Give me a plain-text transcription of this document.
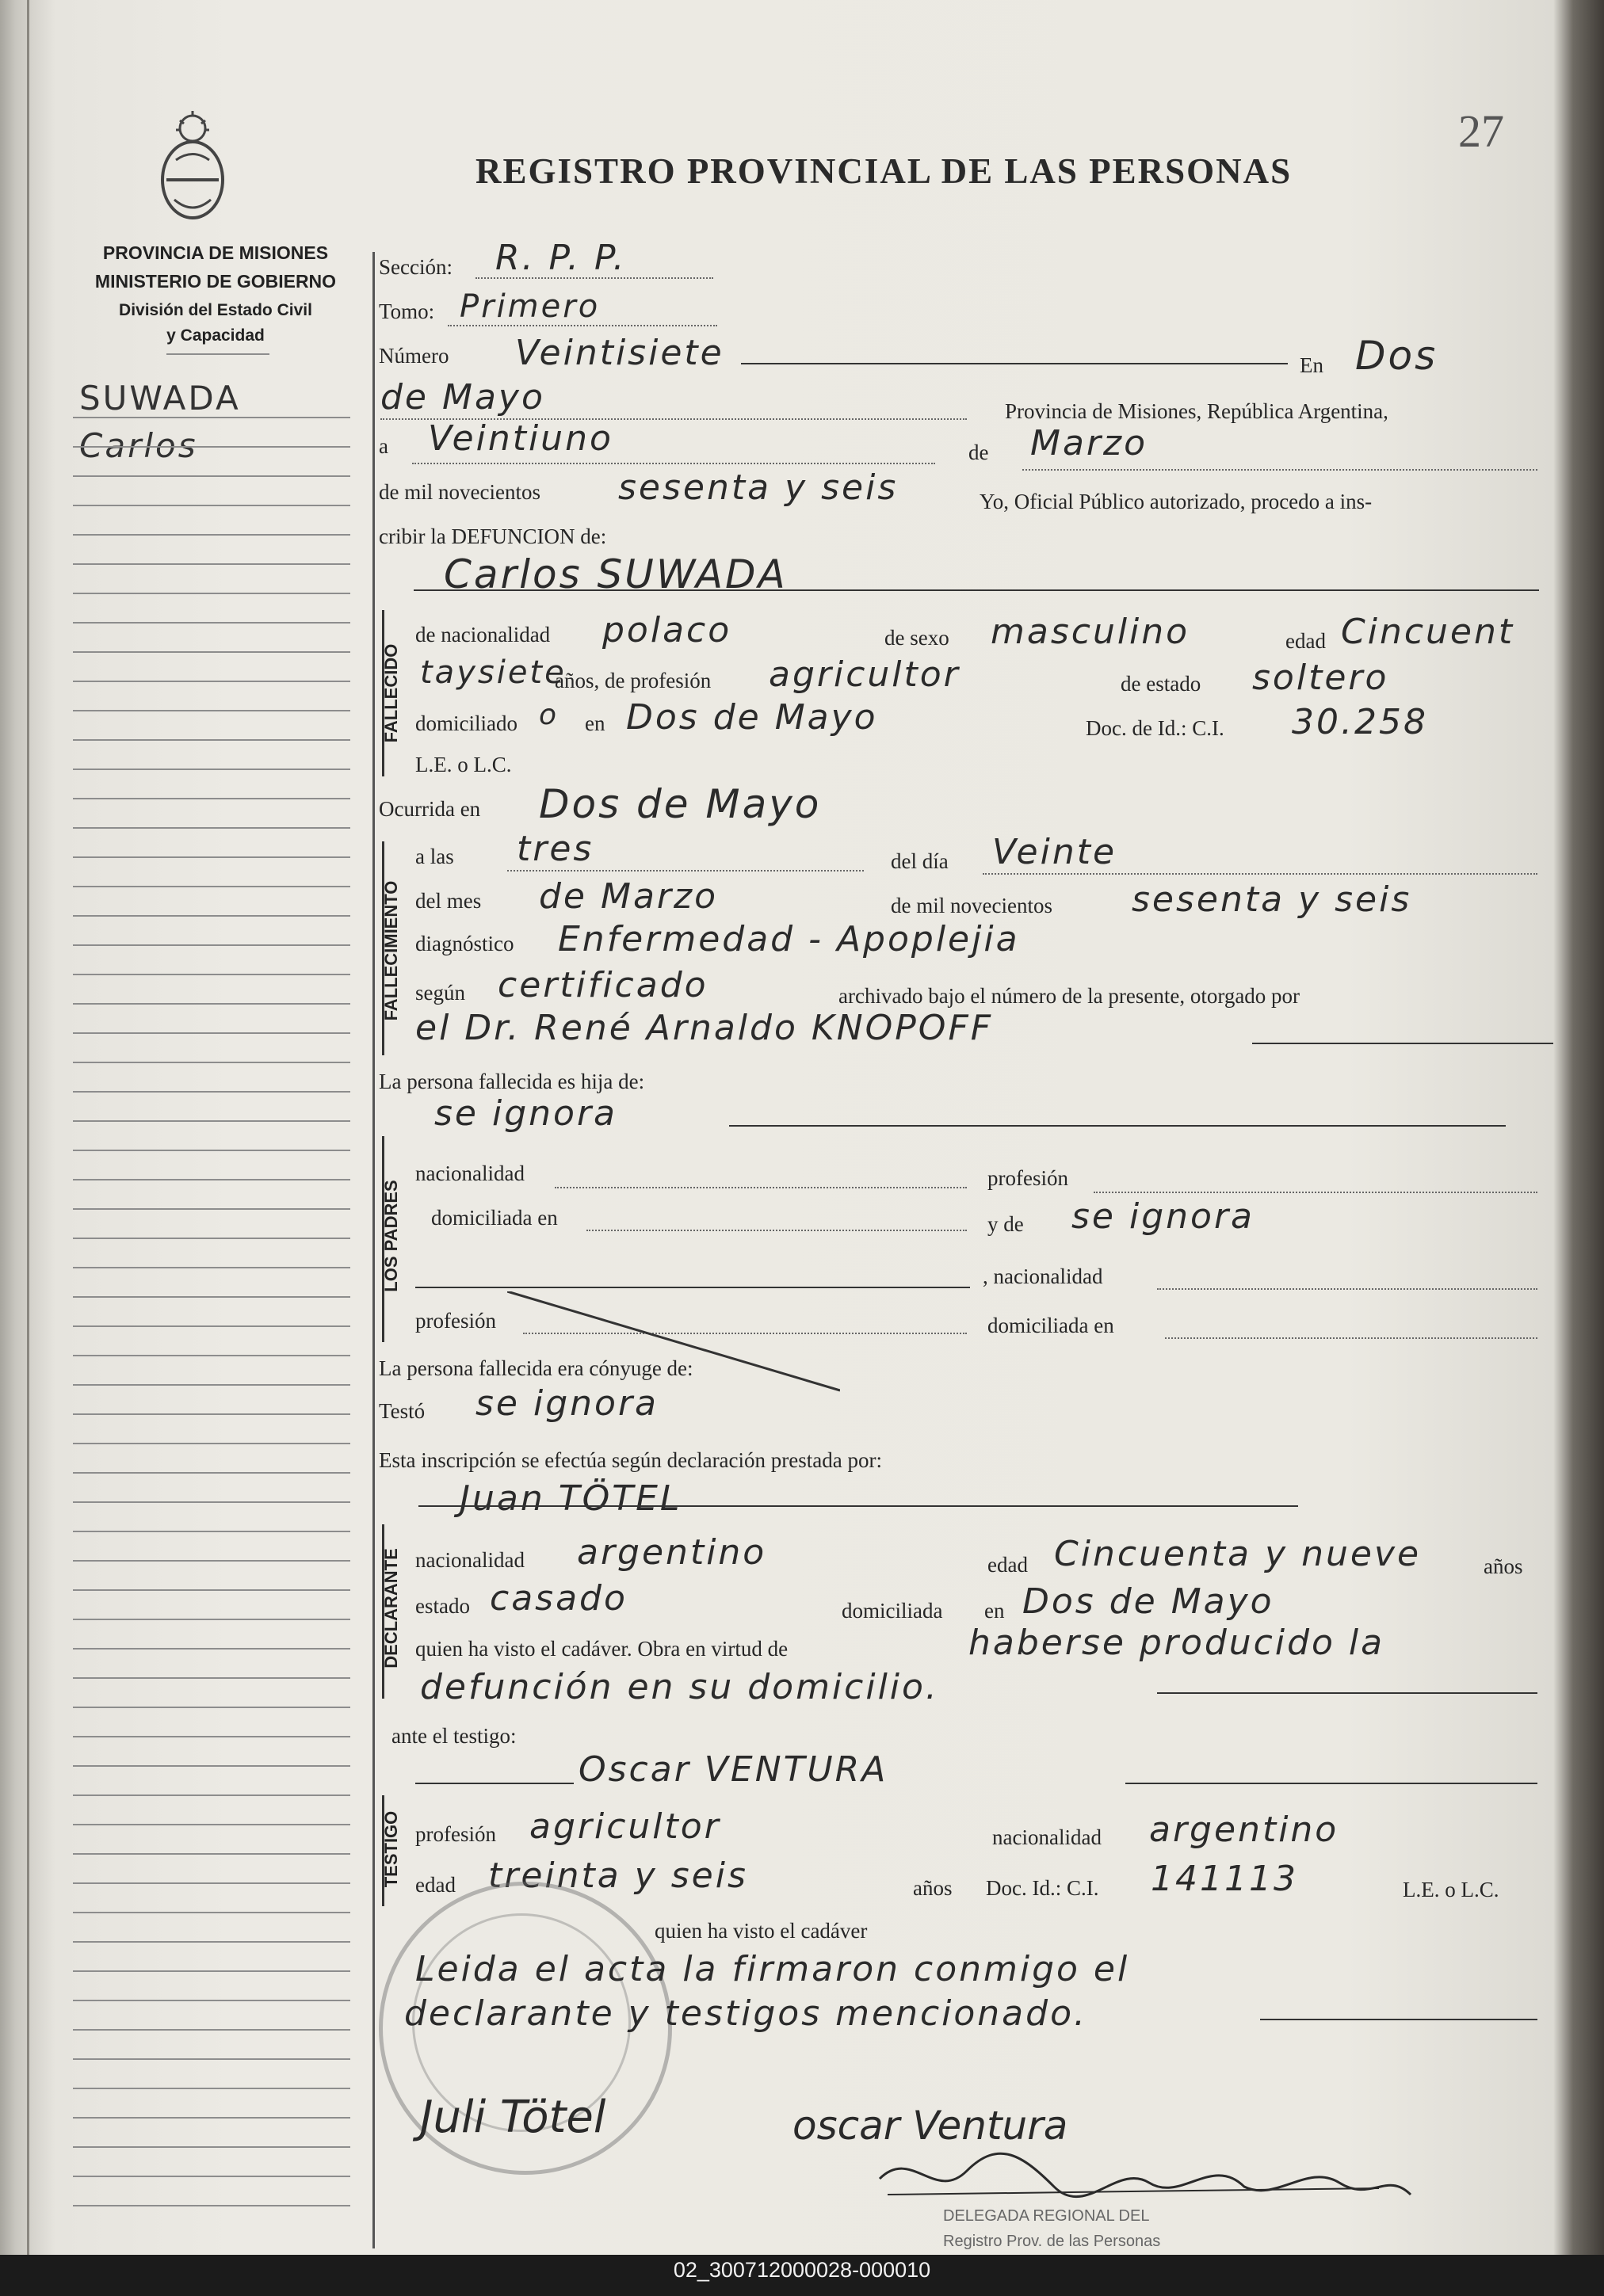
PROVINCIA DE MISIONES
MINISTERIO DE GOBIERNO
División del Estado Civil
y Capacidad
SUWADA
Carlos
27
REGISTRO PROVINCIAL DE LAS PERSONAS
Sección: R. P. P.
Tomo: Primero
Número Veintisiete	En Dos
de Mayo	Provincia de Misiones, República Argentina,
a Veintiuno	de Marzo
de mil novecientos sesenta y seis	Yo, Oficial Público autorizado, procedo a ins-
cribir la DEFUNCION de:
Carlos SUWADA
FALLECIDO
de nacionalidad polaco	de sexo masculino	edad Cincuent
taysiete
años, de profesión agricultor	de estado soltero
domiciliado o en Dos de Mayo	Doc. de Id.: C.I. 30.258
L.E. o L.C.
Ocurrida en Dos de Mayo
FALLECIMIENTO
a las tres	del día Veinte
del mes de Marzo	de mil novecientos sesenta y seis
diagnóstico Enfermedad - Apoplejia
según certificado	archivado bajo el número de la presente, otorgado por
el Dr. René Arnaldo KNOPOFF
La persona fallecida es hija de:
se ignora
LOS PADRES
nacionalidad	profesión
domiciliada en	y de se ignora
, nacionalidad
profesión	domiciliada en
La persona fallecida era cónyuge de:
Testó se ignora
Esta inscripción se efectúa según declaración prestada por:
Juan TÖTEL
DECLARANTE nacionalidad argentino	edad Cincuenta y nueve	años
estado casado	domiciliada en Dos de Mayo
quien ha visto el cadáver. Obra en virtud de	haberse producido la
defunción en su domicilio.
ante el testigo:
Oscar VENTURA
TESTIGO profesión agricultor	nacionalidad argentino
edad treinta y seis	años Doc. Id.: C.I. 141113	L.E. o L.C.
quien ha visto el cadáver
Leida el acta la firmaron conmigo el
declarante y testigos mencionado.
Juli Tötel	oscar Ventura
DELEGADA REGIONAL DEL
Registro Prov. de las Personas
02_300712000028-000010
